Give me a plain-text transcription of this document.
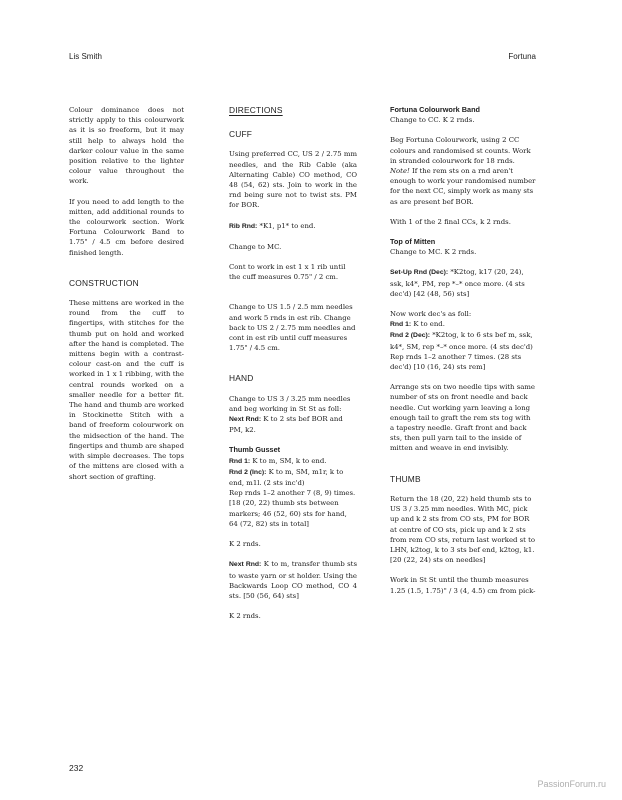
Lis Smith	Fortuna

Colour dominance does not strictly apply to this colourwork as it is so freeform, but it may still help to always hold the darker colour value in the same position relative to the lighter colour value throughout the work.

If you need to add length to the mitten, add additional rounds to the colourwork section. Work Fortuna Colourwork Band to 1.75" / 4.5 cm before desired finished length.

CONSTRUCTION

These mittens are worked in the round from the cuff to fingertips, with stitches for the thumb put on hold and worked after the hand is completed. The mittens begin with a contrast-colour cast-on and the cuff is worked in 1 x 1 ribbing, with the central rounds worked on a smaller needle for a better fit. The hand and thumb are worked in Stockinette Stitch with a band of freeform colourwork on the midsection of the hand. The fingertips and thumb are shaped with simple decreases. The tops of the mittens are closed with a short section of grafting.

DIRECTIONS
CUFF

Using preferred CC, US 2 / 2.75 mm needles, and the Rib Cable (aka Alternating Cable) CO method, CO 48 (54, 62) sts. Join to work in the rnd being sure not to twist sts. PM for BOR.

Rib Rnd: *K1, p1* to end.

Change to MC.

Cont to work in est 1 x 1 rib until the cuff measures 0.75" / 2 cm.

Change to US 1.5 / 2.5 mm needles and work 5 rnds in est rib. Change back to US 2 / 2.75 mm needles and cont in est rib until cuff measures 1.75" / 4.5 cm.

HAND

Change to US 3 / 3.25 mm needles and beg working in St St as foll:

Next Rnd: K to 2 sts bef BOR and PM, k2.

Thumb Gusset

Rnd 1: K to m, SM, k to end.

Rnd 2 (Inc): K to m, SM, m1r, k to end, m1l. (2 sts inc'd)

Rep rnds 1–2 another 7 (8, 9) times. [18 (20, 22) thumb sts between markers; 46 (52, 60) sts for hand, 64 (72, 82) sts in total]

K 2 rnds.

Next Rnd: K to m, transfer thumb sts to waste yarn or st holder. Using the Backwards Loop CO method, CO 4 sts. [50 (56, 64) sts]

K 2 rnds.

Fortuna Colourwork Band

Change to CC. K 2 rnds.

Beg Fortuna Colourwork, using 2 CC colours and randomised st counts. Work in stranded colourwork for 18 rnds.

Note! If the rem sts on a rnd aren't enough to work your randomised number for the next CC, simply work as many sts as are present bef BOR.

With 1 of the 2 final CCs, k 2 rnds.

Top of Mitten

Change to MC. K 2 rnds.

Set-Up Rnd (Dec): *K2tog, k17 (20, 24), ssk, k4*, PM, rep *–* once more. (4 sts dec'd) [42 (48, 56) sts]

Now work dec's as foll:

Rnd 1: K to end.

Rnd 2 (Dec): *K2tog, k to 6 sts bef m, ssk, k4*, SM, rep *–* once more. (4 sts dec'd)

Rep rnds 1–2 another 7 times. (28 sts dec'd) [10 (16, 24) sts rem]

Arrange sts on two needle tips with same number of sts on front needle and back needle. Cut working yarn leaving a long enough tail to graft the rem sts tog with a tapestry needle. Graft front and back sts, then pull yarn tail to the inside of mitten and weave in end invisibly.

THUMB

Return the 18 (20, 22) held thumb sts to US 3 / 3.25 mm needles. With MC, pick up and k 2 sts from CO sts, PM for BOR at centre of CO sts, pick up and k 2 sts from rem CO sts, return last worked st to LHN, k2tog, k to 3 sts bef end, k2tog, k1. [20 (22, 24) sts on needles]

Work in St St until the thumb measures 1.25 (1.5, 1.75)" / 3 (4, 4.5) cm from pick-

232
PassionForum.ru
